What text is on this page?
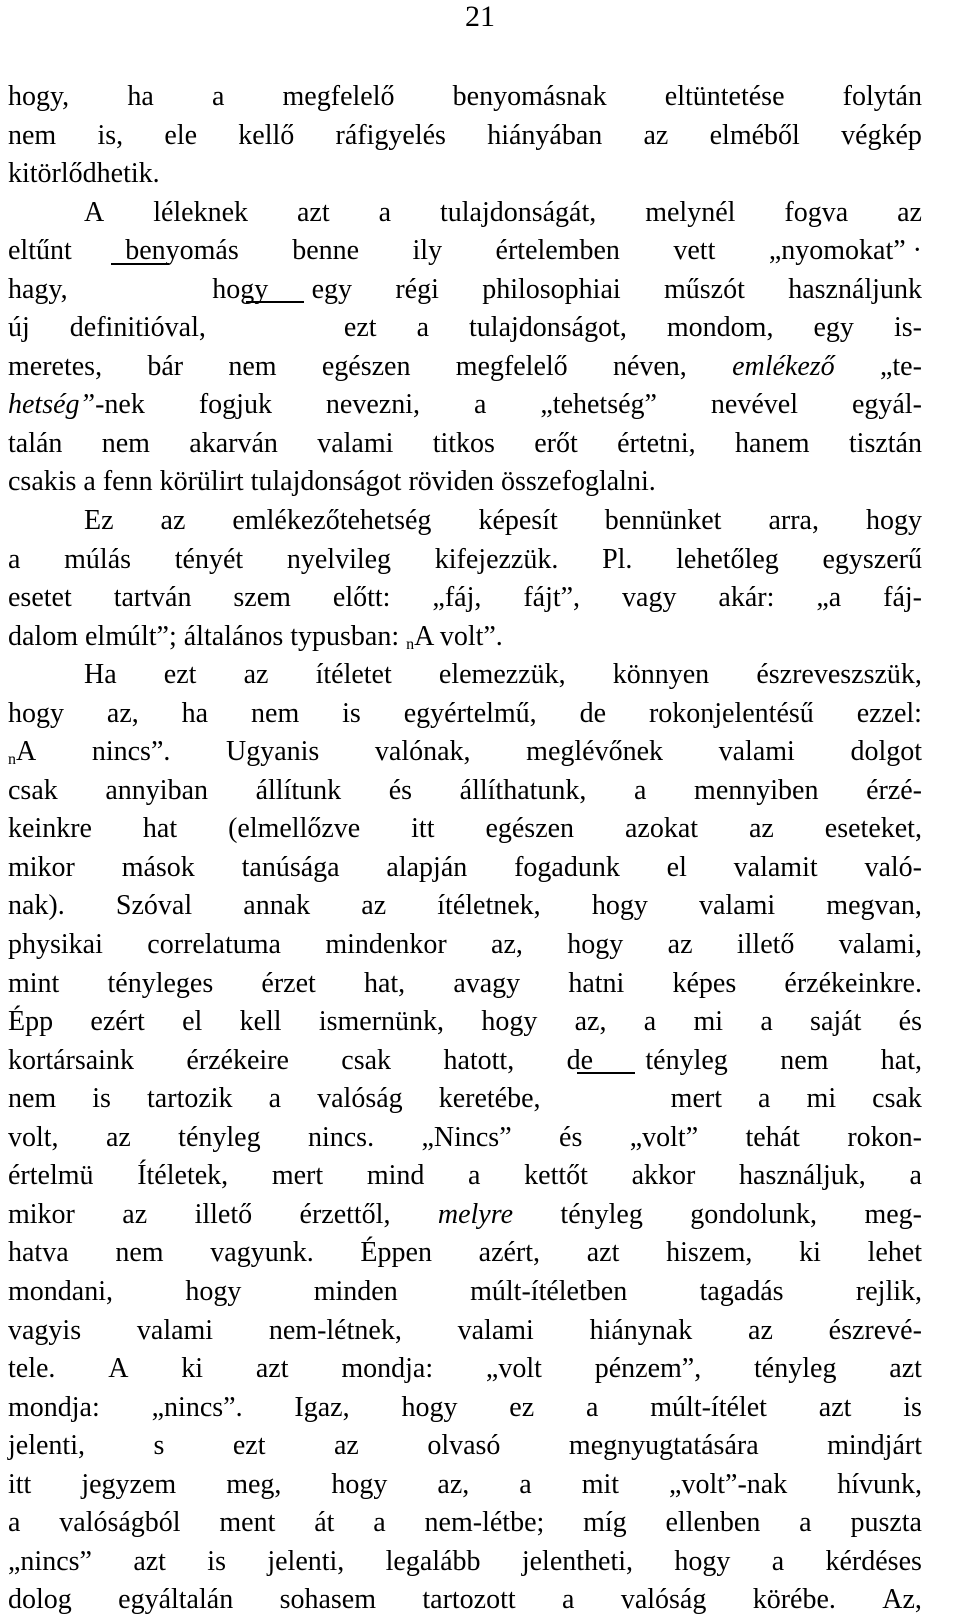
21
hogy, ha a megfelelő benyomásnak eltüntetése folytán
nem is, ele kellő ráfigyelés hiányában az elméből végkép
kitörlődhetik.
A léleknek azt a tulajdonságát, melynél fogva az
eltűnt benyomás benne ily értelemben vett „nyomokat” ·
hagy,	hogy egy régi philosophiai műszót használjunk
új definitióval,	ezt a tulajdonságot, mondom, egy is-
meretes, bár nem egészen megfelelő néven, emlékező „te-
hetség”-nek fogjuk nevezni, a „tehetség” nevével egyál-
talán nem akarván valami titkos erőt értetni, hanem tisztán
csakis a fenn körülirt tulajdonságot röviden összefoglalni.
Ez az emlékezőtehetség képesít bennünket arra, hogy
a múlás tényét nyelvileg kifejezzük. Pl. lehetőleg egyszerű
esetet tartván szem előtt: „fáj, fájt”, vagy akár: „a fáj-
dalom elmúlt”; általános typusban: $_n$A volt”.
Ha ezt az ítéletet elemezzük, könnyen észreveszszük,
hogy az, ha nem is egyértelmű, de rokonjelentésű ezzel:
$_n$A nincs”. Ugyanis valónak, meglévőnek valami dolgot
csak annyiban állítunk és állíthatunk, a mennyiben érzé-
keinkre hat (elmellőzve itt egészen azokat az eseteket,
mikor mások tanúsága alapján fogadunk el valamit való-
nak). Szóval annak az ítéletnek, hogy valami megvan,
physikai correlatuma mindenkor az, hogy az illető valami,
mint tényleges érzet hat, avagy hatni képes érzékeinkre.
Épp ezért el kell ismernünk, hogy az, a mi a saját és
kortársaink érzékeire csak hatott, de tényleg nem hat,
nem is tartozik a valóság keretébe,	mert a mi csak
volt, az tényleg nincs. „Nincs” és „volt” tehát rokon-
értelmü Ítéletek, mert mind a kettőt akkor használjuk, a
mikor az illető érzettől, melyre tényleg gondolunk, meg-
hatva nem vagyunk. Éppen azért, azt hiszem, ki lehet
mondani,	hogy	minden	múlt-ítéletben	tagadás	rejlik,
vagyis valami nem-létnek, valami hiánynak az észrevé-
tele. A ki azt mondja: „volt pénzem”, tényleg azt
mondja: „nincs”. Igaz, hogy ez a múlt-ítélet azt is
jelenti, s ezt az olvasó megnyugtatására mindjárt
itt jegyzem meg, hogy az, a mit „volt”-nak hívunk,
a valóságból ment át a nem-létbe; míg ellenben a puszta
„nincs” azt is jelenti, legalább jelentheti, hogy a kérdéses
dolog egyáltalán sohasem tartozott a valóság körébe. Az,
